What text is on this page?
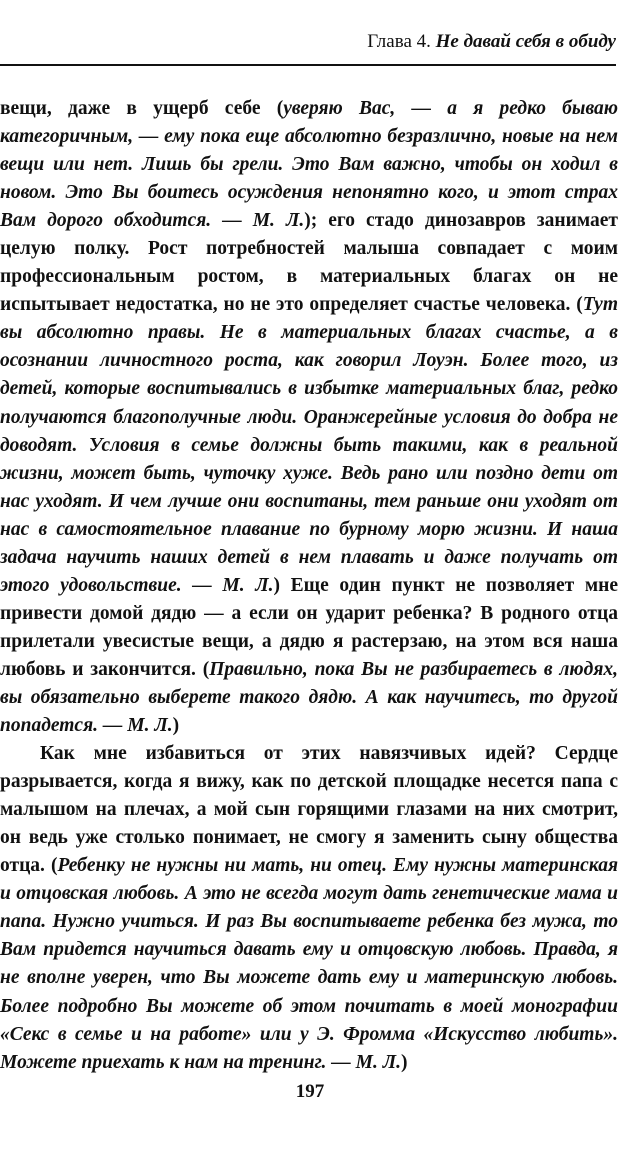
Глава 4. Не давай себя в обиду

вещи, даже в ущерб себе (уверяю Вас, — а я редко бываю категоричным, — ему пока еще абсолютно безразлично, новые на нем вещи или нет. Лишь бы грели. Это Вам важно, чтобы он ходил в новом. Это Вы боитесь осуждения непонятно кого, и этот страх Вам дорого обходится. — М. Л.); его стадо динозавров занимает целую полку. Рост потребностей малыша совпадает с моим профессиональным ростом, в материальных благах он не испытывает недостатка, но не это определяет счастье человека. (Тут вы абсолютно правы. Не в материальных благах счастье, а в осознании личностного роста, как говорил Лоуэн. Более того, из детей, которые воспитывались в избытке материальных благ, редко получаются благополучные люди. Оранжерейные условия до добра не доводят. Условия в семье должны быть такими, как в реальной жизни, может быть, чуточку хуже. Ведь рано или поздно дети от нас уходят. И чем лучше они воспитаны, тем раньше они уходят от нас в самостоятельное плавание по бурному морю жизни. И наша задача научить наших детей в нем плавать и даже получать от этого удовольствие. — М. Л.) Еще один пункт не позволяет мне привести домой дядю — а если он ударит ребенка? В родного отца прилетали увесистые вещи, а дядю я растерзаю, на этом вся наша любовь и закончится. (Правильно, пока Вы не разбираетесь в людях, вы обязательно выберете такого дядю. А как научитесь, то другой попадется. — М. Л.)

Как мне избавиться от этих навязчивых идей? Сердце разрывается, когда я вижу, как по детской площадке несется папа с малышом на плечах, а мой сын горящими глазами на них смотрит, он ведь уже столько понимает, не смогу я заменить сыну общества отца. (Ребенку не нужны ни мать, ни отец. Ему нужны материнская и отцовская любовь. А это не всегда могут дать генетические мама и папа. Нужно учиться. И раз Вы воспитываете ребенка без мужа, то Вам придется научиться давать ему и отцовскую любовь. Правда, я не вполне уверен, что Вы можете дать ему и материнскую любовь. Более подробно Вы можете об этом почитать в моей монографии «Секс в семье и на работе» или у Э. Фромма «Искусство любить». Можете приехать к нам на тренинг. — М. Л.)

197
